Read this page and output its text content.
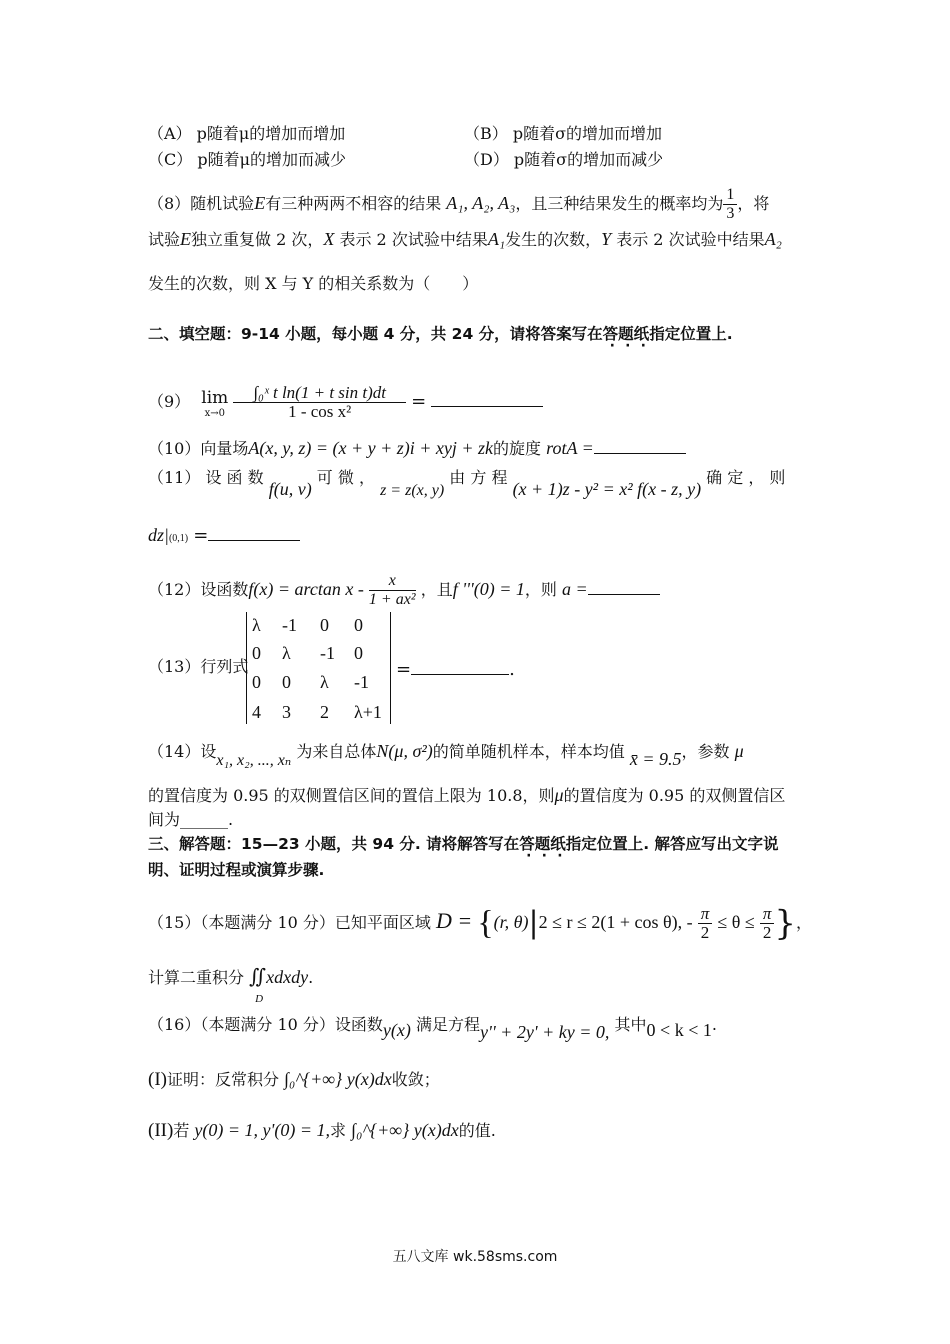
（A） p随着μ的增加而增加	（B） p随着σ的增加而增加
（C） p随着μ的增加而减少	（D） p随着σ的增加而减少
（8）随机试验E有三种两两不相容的结果 A₁, A₂, A₃，且三种结果发生的概率均为 $\frac{1}{3}$ ，将
试验E独立重复做 2 次，X 表示 2 次试验中结果A₁发生的次数，Y 表示 2 次试验中结果A₂
发生的次数，则 X 与 Y 的相关系数为（　　）
二、填空题：9-14 小题，每小题 4 分，共 24 分，请将答案写在答题纸指定位置上.
（9） lim
x→0
$\frac{\text{∫₀ˣ t ln(1 + t sin t)dt}}{\text{1 - cos x²}}$ =
（10）向量场A(x, y, z) = (x + y + z)i + xyj + zk的旋度 rotA =
（11） 设 函 数 f(u, v) 可 微 ， z = z(x, y) 由 方 程 (x + 1)z - y² = x² f(x - z, y) 确 定 ， 则
dz|(0,1) =
（12）设函数$f(x) = \arctan x - \frac{x}{\text{1 + ax²}}$ ，且f '''(0) = 1，则 a =
（13）行列式
λ -1 0 0
0 λ -1 0
0 0 λ -1
4 3 2 λ+1
=	.
（14）设x₁, x₂, ..., xₙ 为来自总体N(μ, σ²)的简单随机样本，样本均值 x̄ = 9.5，参数 μ
的置信度为 0.95 的双侧置信区间的置信上限为 10.8，则μ的置信度为 0.95 的双侧置信区
间为______.
三、解答题：15—23 小题，共 94 分. 请将解答写在答题纸指定位置上. 解答应写出文字说
明、证明过程或演算步骤.
（15）（本题满分 10 分）已知平面区域 D = {(r, θ)|2 ≤ r ≤ 2(1 + cos θ), - $\frac{\pi}{2} \le \theta \le \frac{\pi}{2}$ }，
计算二重积分 ∬
D
xdxdy.
（16）（本题满分 10 分）设函数y(x) 满足方程y'' + 2y' + ky = 0, 其中0 < k < 1.
(I)证明：反常积分 ∫₀^{+∞} y(x)dx收敛；
(II)若 y(0) = 1, y'(0) = 1,求 ∫₀^{+∞} y(x)dx的值.
五八文库 wk.58sms.com
